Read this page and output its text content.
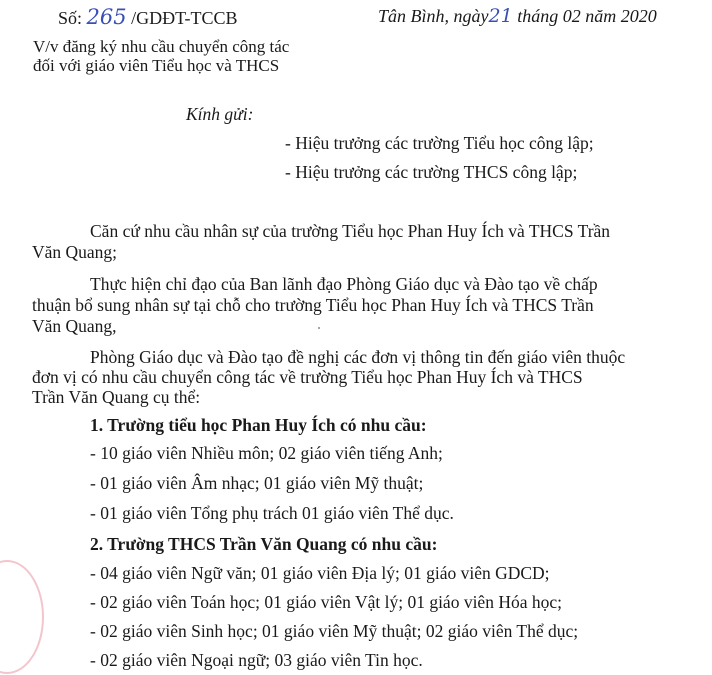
Số: 265 /GDĐT-TCCB	Tân Bình, ngày21 tháng 02 năm 2020
V/v đăng ký nhu cầu chuyển công tác
đối với giáo viên Tiểu học và THCS
Kính gửi:
- Hiệu trưởng các trường Tiểu học công lập;
- Hiệu trưởng các trường THCS công lập;
Căn cứ nhu cầu nhân sự của trường Tiểu học Phan Huy Ích và THCS Trần
Văn Quang;
Thực hiện chỉ đạo của Ban lãnh đạo Phòng Giáo dục và Đào tạo về chấp
thuận bổ sung nhân sự tại chỗ cho trường Tiểu học Phan Huy Ích và THCS Trần
Văn Quang,
Phòng Giáo dục và Đào tạo đề nghị các đơn vị thông tin đến giáo viên thuộc
đơn vị có nhu cầu chuyển công tác về trường Tiểu học Phan Huy Ích và THCS
Trần Văn Quang cụ thể:
1. Trường tiểu học Phan Huy Ích có nhu cầu:
- 10 giáo viên Nhiều môn; 02 giáo viên tiếng Anh;
- 01 giáo viên Âm nhạc; 01 giáo viên Mỹ thuật;
- 01 giáo viên Tổng phụ trách 01 giáo viên Thể dục.
2. Trường THCS Trần Văn Quang có nhu cầu:
- 04 giáo viên Ngữ văn; 01 giáo viên Địa lý; 01 giáo viên GDCD;
- 02 giáo viên Toán học; 01 giáo viên Vật lý; 01 giáo viên Hóa học;
- 02 giáo viên Sinh học; 01 giáo viên Mỹ thuật; 02 giáo viên Thể dục;
- 02 giáo viên Ngoại ngữ; 03 giáo viên Tin học.
